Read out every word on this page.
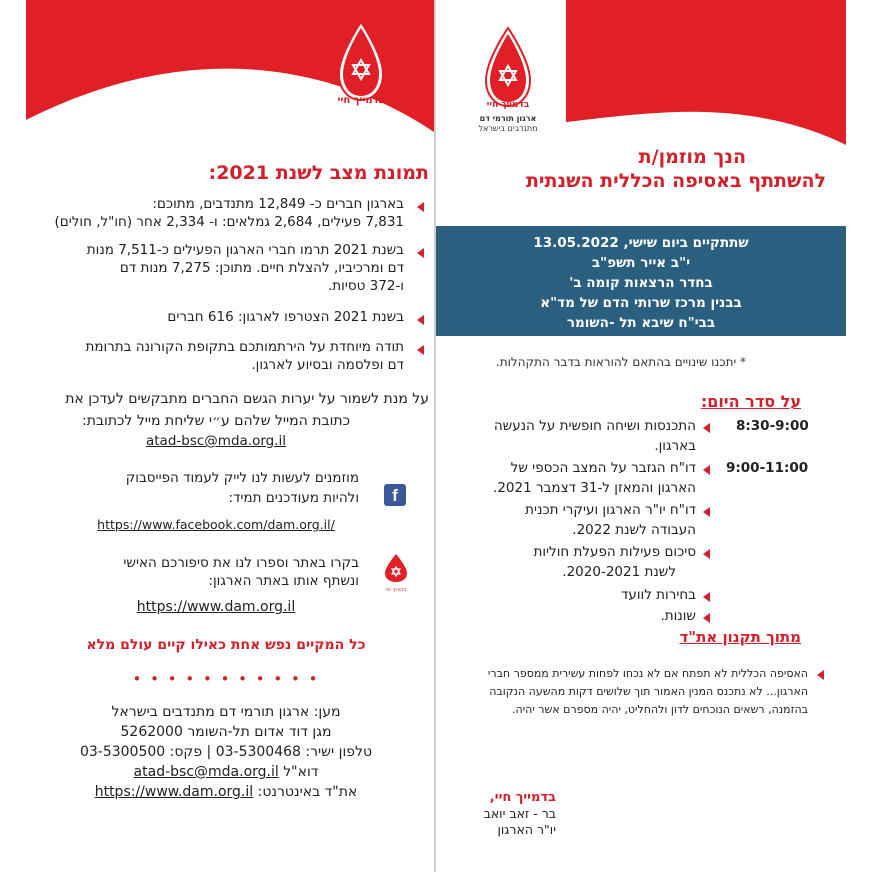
בדמייך חיי
תמונת מצב לשנת 2021:
בארגון חברים כ- 12,849 מתנדבים, מתוכם:
7,831 פעילים, 2,684 גמלאים: ו- 2,334 אחר (חו"ל, חולים)
בשנת 2021 תרמו חברי הארגון הפעילים כ-7,511 מנות
דם ומרכיביו, להצלת חיים. מתוכן: 7,275 מנות דם
ו-372 טסיות.
בשנת 2021 הצטרפו לארגון: 616 חברים
תודה מיוחדת על הירתמותכם בתקופת הקורונה בתרומת
דם ופלסמה ובסיוע לארגון.
על מנת לשמור על יערות הגשם החברים מתבקשים לעדכן את
כתובת המייל שלהם ע״י שליחת מייל לכתובת:
atad-bsc@mda.org.il
מוזמנים לעשות לנו לייק לעמוד הפייסבוק
ולהיות מעודכנים תמיד:	f
https://www.facebook.com/dam.org.il/
בקרו באתר וספרו לנו את סיפורכם האישי
ונשתף אותו באתר הארגון:
בדמייך חיי
https://www.dam.org.il
כל המקיים נפש אחת כאילו קיים עולם מלא
• • • • • • • • • • •
מען: ארגון תורמי דם מתנדבים בישראל
מגן דוד אדום תל-השומר 5262000
טלפון ישיר: 03-5300468 | פקס: 03-5300500
דוא"ל atad-bsc@mda.org.il
את"ד באינטרנט: https://www.dam.org.il
בדמייך חיי
ארגון תורמי דם
מתנדבים בישראל
הנך מוזמן/ת
להשתתף באסיפה הכללית השנתית
שתתקיים ביום שישי, 13.05.2022
י"ב אייר תשפ"ב
בחדר הרצאות קומה ב'
בבנין מרכז שרותי הדם של מד"א
בבי"ח שיבא תל -השומר
* יתכנו שינויים בהתאם להוראות בדבר התקהלות.
על סדר היום:
8:30-9:00
התכנסות ושיחה חופשית על הנעשה
בארגון.
9:00-11:00
דו"ח הגזבר על המצב הכספי של
הארגון והמאזן ל-31 דצמבר 2021.
דו"ח יו"ר הארגון ועיקרי תכנית
העבודה לשנת 2022.
סיכום פעילות הפעלת חוליות
לשנת 2020-2021.
בחירות לוועד
שונות.
מתוך תקנון את"ד
האסיפה הכללית לא תפתח אם לא נכחו לפחות עשירית ממספר חברי
הארגון... לא נתכנס המנין האמור תוך שלושים דקות מהשעה הנקובה
בהזמנה, רשאים הנוכחים לדון ולהחליט, יהיה מספרם אשר יהיה.
בדמייך חיי,
בר - זאב יואב
יו"ר הארגון
